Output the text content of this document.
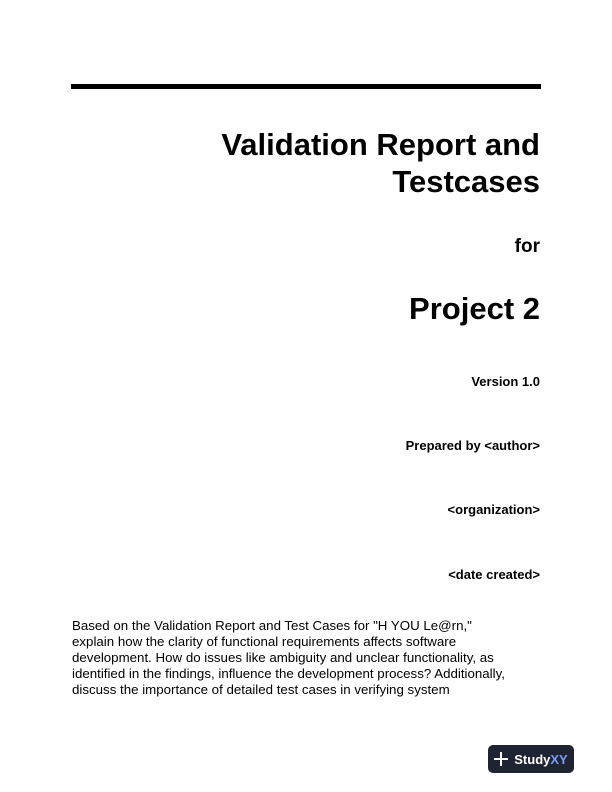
Validation Report and
Testcases
for
Project 2
Version 1.0
Prepared by <author>
<organization>
<date created>
Based on the Validation Report and Test Cases for "H YOU Le@rn,"
explain how the clarity of functional requirements affects software
development. How do issues like ambiguity and unclear functionality, as
identified in the findings, influence the development process? Additionally,
discuss the importance of detailed test cases in verifying system
StudyXY
